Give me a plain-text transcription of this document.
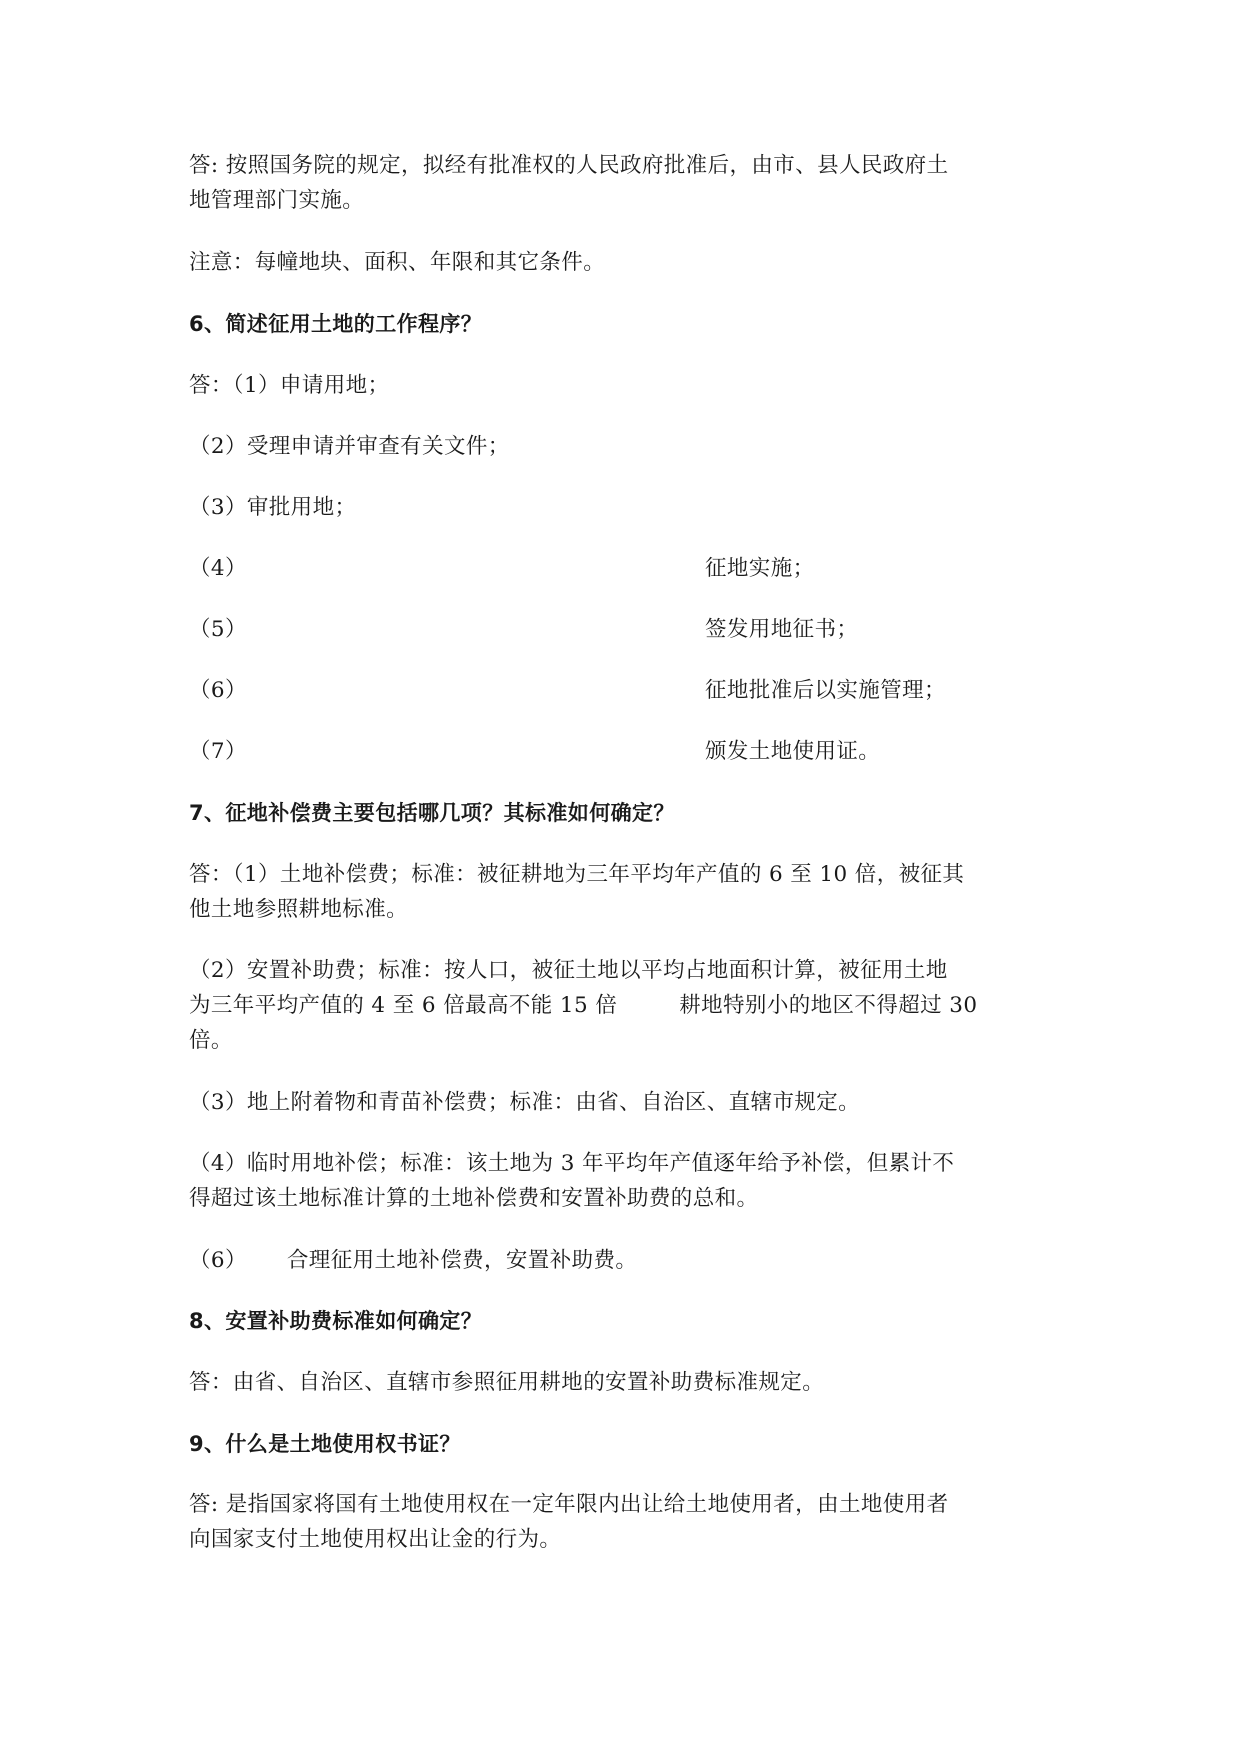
答: 按照国务院的规定，拟经有批准权的人民政府批准后，由市、县人民政府土
地管理部门实施。
注意：每幢地块、面积、年限和其它条件。
6、简述征用土地的工作程序？
答：（1）申请用地；
（2）受理申请并审查有关文件；
（3）审批用地；
（4）	征地实施；
（5）	签发用地征书；
（6）	征地批准后以实施管理；
（7）	颁发土地使用证。
7、征地补偿费主要包括哪几项？其标准如何确定？
答：（1）土地补偿费；标准：被征耕地为三年平均年产值的 6 至 10 倍，被征其
他土地参照耕地标准。
（2）安置补助费；标准：按人口，被征土地以平均占地面积计算，被征用土地
为三年平均产值的 4 至 6 倍最高不能 15 倍	耕地特别小的地区不得超过 30
倍。
（3）地上附着物和青苗补偿费；标准：由省、自治区、直辖市规定。
（4）临时用地补偿；标准：该土地为 3 年平均年产值逐年给予补偿，但累计不
得超过该土地标准计算的土地补偿费和安置补助费的总和。
（6） 合理征用土地补偿费，安置补助费。
8、安置补助费标准如何确定？
答：由省、自治区、直辖市参照征用耕地的安置补助费标准规定。
9、什么是土地使用权书证？
答: 是指国家将国有土地使用权在一定年限内出让给土地使用者，由土地使用者
向国家支付土地使用权出让金的行为。
